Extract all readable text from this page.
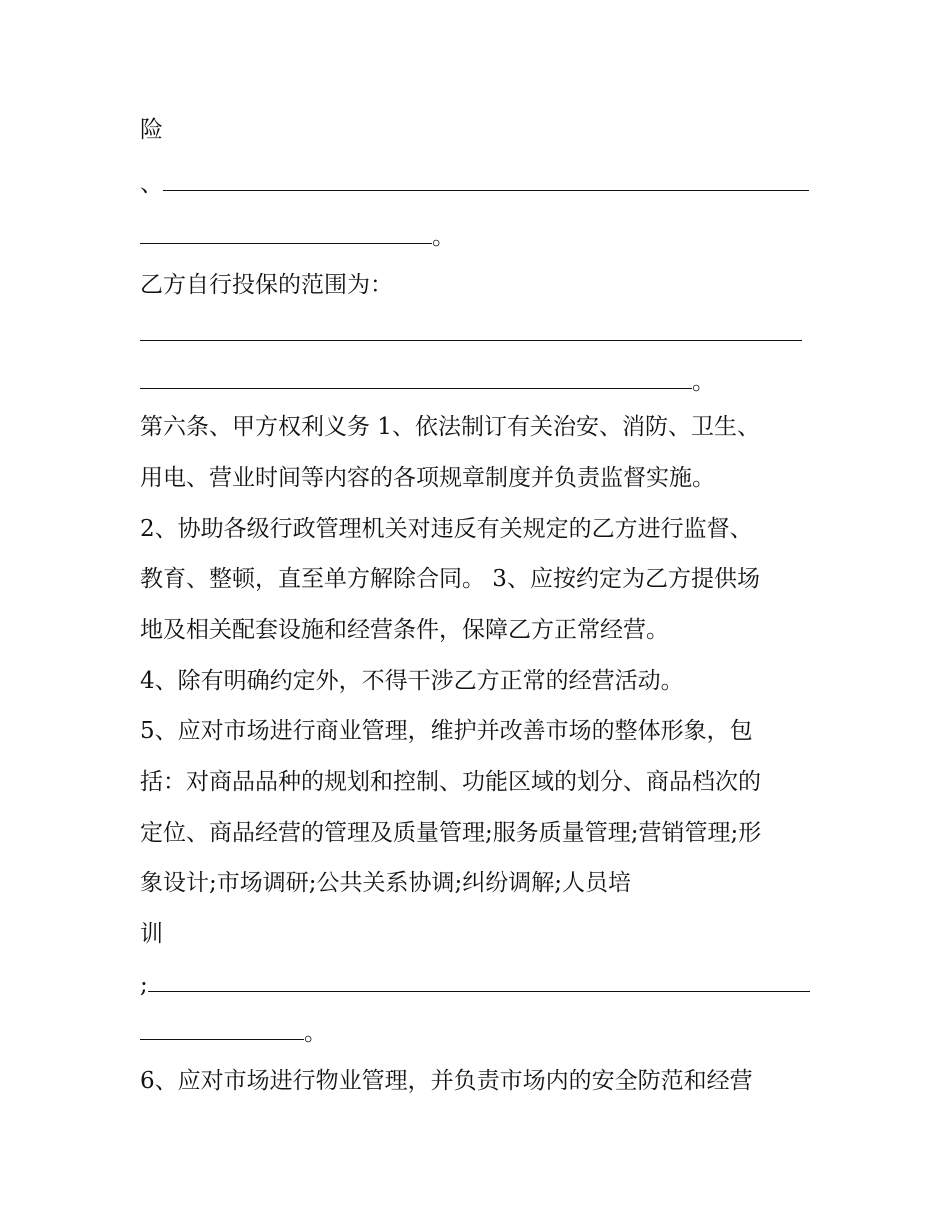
险
、
。
乙方自行投保的范围为：
。
第六条、甲方权利义务 1、依法制订有关治安、消防、卫生、
用电、营业时间等内容的各项规章制度并负责监督实施。
2、协助各级行政管理机关对违反有关规定的乙方进行监督、
教育、整顿，直至单方解除合同。 3、应按约定为乙方提供场
地及相关配套设施和经营条件，保障乙方正常经营。
4、除有明确约定外，不得干涉乙方正常的经营活动。
5、应对市场进行商业管理，维护并改善市场的整体形象，包
括：对商品品种的规划和控制、功能区域的划分、商品档次的
定位、商品经营的管理及质量管理;服务质量管理;营销管理;形
象设计;市场调研;公共关系协调;纠纷调解;人员培
训
;
。
6、应对市场进行物业管理，并负责市场内的安全防范和经营
